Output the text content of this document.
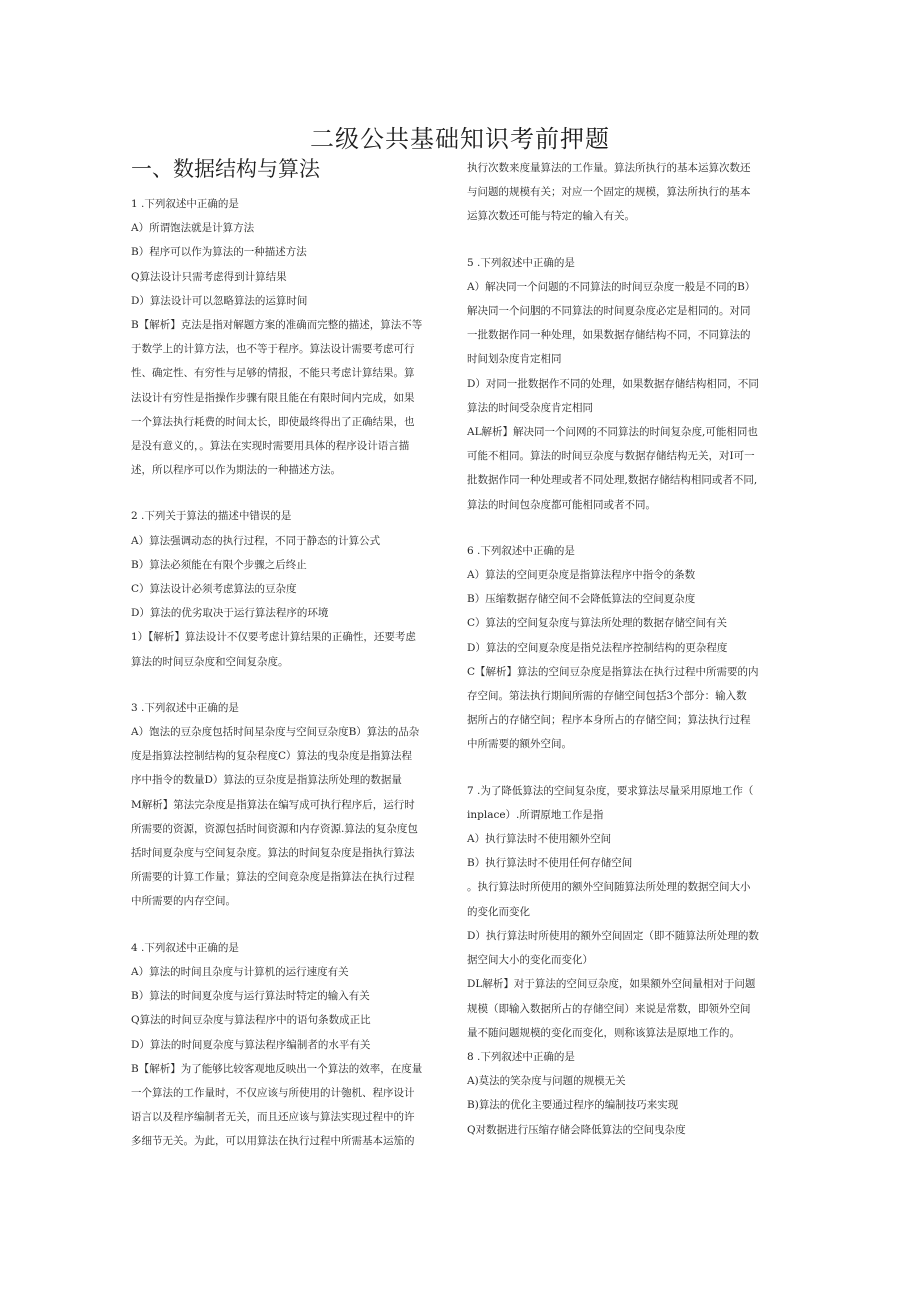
二级公共基础知识考前押题
一、数据结构与算法

1 .下列叙述中正确的是

A）所谓饱法就是计算方法

B）程序可以作为算法的一种描述方法

Q算法设计只需考虑得到计算结果

D）算法设计可以忽略算法的运算时间

B【解析】克法是指对解题方案的准确而完整的描述，算法不等

于数学上的计算方法，也不等于程序。算法设计需要考虑可行

性、确定性、有穷性与足够的情报，不能只考虑计算结果。算

法设计有穷性是指操作步骤有限且能在有限时间内完成，如果

一个算法执行耗费的时间太长，即使最终得出了正确结果，也

是没有意义的，。算法在实现时需要用具体的程序设计语言描

述，所以程序可以作为期法的一种描述方法。

2 .下列关于算法的描述中错误的是

A）算法强调动态的执行过程，不同于静态的计算公式

B）算法必须能在有限个步骤之后终止

C）算法设计必须考虑算法的豆杂度

D）算法的优劣取决于运行算法程序的环境

1）【解析】算法设计不仅要考虑计算结果的正确性，还要考虑

算法的时间豆杂度和空间复杂度。

3 .下列叙述中正确的是

A）饱法的豆杂度包括时间星杂度与空间豆杂度B）算法的品杂

度是指算法控制结构的复杂程度C）算法的曳杂度是指算法程

序中指令的数量D）算法的豆杂度是指算法所处理的数据量

M解析】第法完杂度是指算法在编写成可执行程序后，运行时

所需要的资源，资源包括时间资源和内存资源.算法的复杂度包

括时间夏杂度与空间复杂度。算法的时间复杂度是指执行算法

所需要的计算工作量；算法的空间竟杂度是指算法在执行过程

中所需要的内存空间。

4 .下列叙述中正确的是

A）算法的时间且杂度与计算机的运行速度有关

B）算法的时间夏杂度与运行算法时特定的输入有关

Q算法的时间豆杂度与算法程序中的语句条数成正比

D）算法的时间夏杂度与算法程序编制者的水平有关

B【解析】为了能够比较客观地反映出一个算法的效率，在度量

一个算法的工作量时，不仅应该与所使用的计匏机、程序设计

语言以及程序编制者无关，而且还应该与算法实现过程中的许

多细节无关。为此，可以用算法在执行过程中所需基本运笳的

执行次数来度量算法的工作量。算法所执行的基本运算次数还

与问题的规模有关；对应一个固定的规模，算法所执行的基本

运算次数还可能与特定的输入有关。

5 .下列叙述中正确的是

A）解决同一个问题的不同算法的时间豆杂度一般是不同的B）

解决同一个问胭的不同算法的时间夏杂度必定是相同的。对同

一批数据作同一种处理，如果数据存储结构不同，不同算法的

时间划杂度肯定相同

D）对同一批数据作不同的处理，如果数据存储结构相同，不同

算法的时间受杂度肯定相同

AL解析】解决同一个问网的不同算法的时间复杂度,可能相同也

可能不相同。算法的时间豆杂度与数据存储结构无关，对I可一

批数据作同一种处理或者不同处理,数据存储结构相同或者不同,

算法的时间包杂度都可能相同或者不同。

6 .下列叙述中正确的是

A）算法的空间更杂度是指算法程序中指令的条数

B）压缩数据存储空间不会降低算法的空间夏杂度

C）算法的空间复杂度与算法所处理的数据存储空间有关

D）算法的空间夏杂度是指兑法程序控制结构的更杂程度

C【解析】算法的空间豆杂度是指算法在执行过程中所需要的内

存空间。第法执行期间所需的存储空间包括3个部分：输入数

据所占的存储空间；程序本身所占的存储空间；算法执行过程

中所需要的额外空间。

7 .为了降低算法的空间复杂度，要求算法尽量采用原地工作（

inplace）.所谓原地工作是指

A）执行算法时不使用额外空间

B）执行算法时不使用任何存储空间

。执行算法时所使用的额外空间随算法所处理的数据空间大小

的变化而变化

D）执行算法时所使用的额外空间固定（即不随算法所处理的数

据空间大小的变化而变化）

DL解析】对于算法的空间豆杂度，如果额外空间量相对于问题

规模（即输入数据所占的存储空间）来说是常数，即领外空间

量不随问题规模的变化而变化，则称该算法是原地工作的。

8 .下列叙述中正确的是

A)莫法的笑杂度与问题的规模无关

B)算法的优化主要通过程序的编制技巧来实现

Q对数据进行压缩存储会降低算法的空间曳杂度
